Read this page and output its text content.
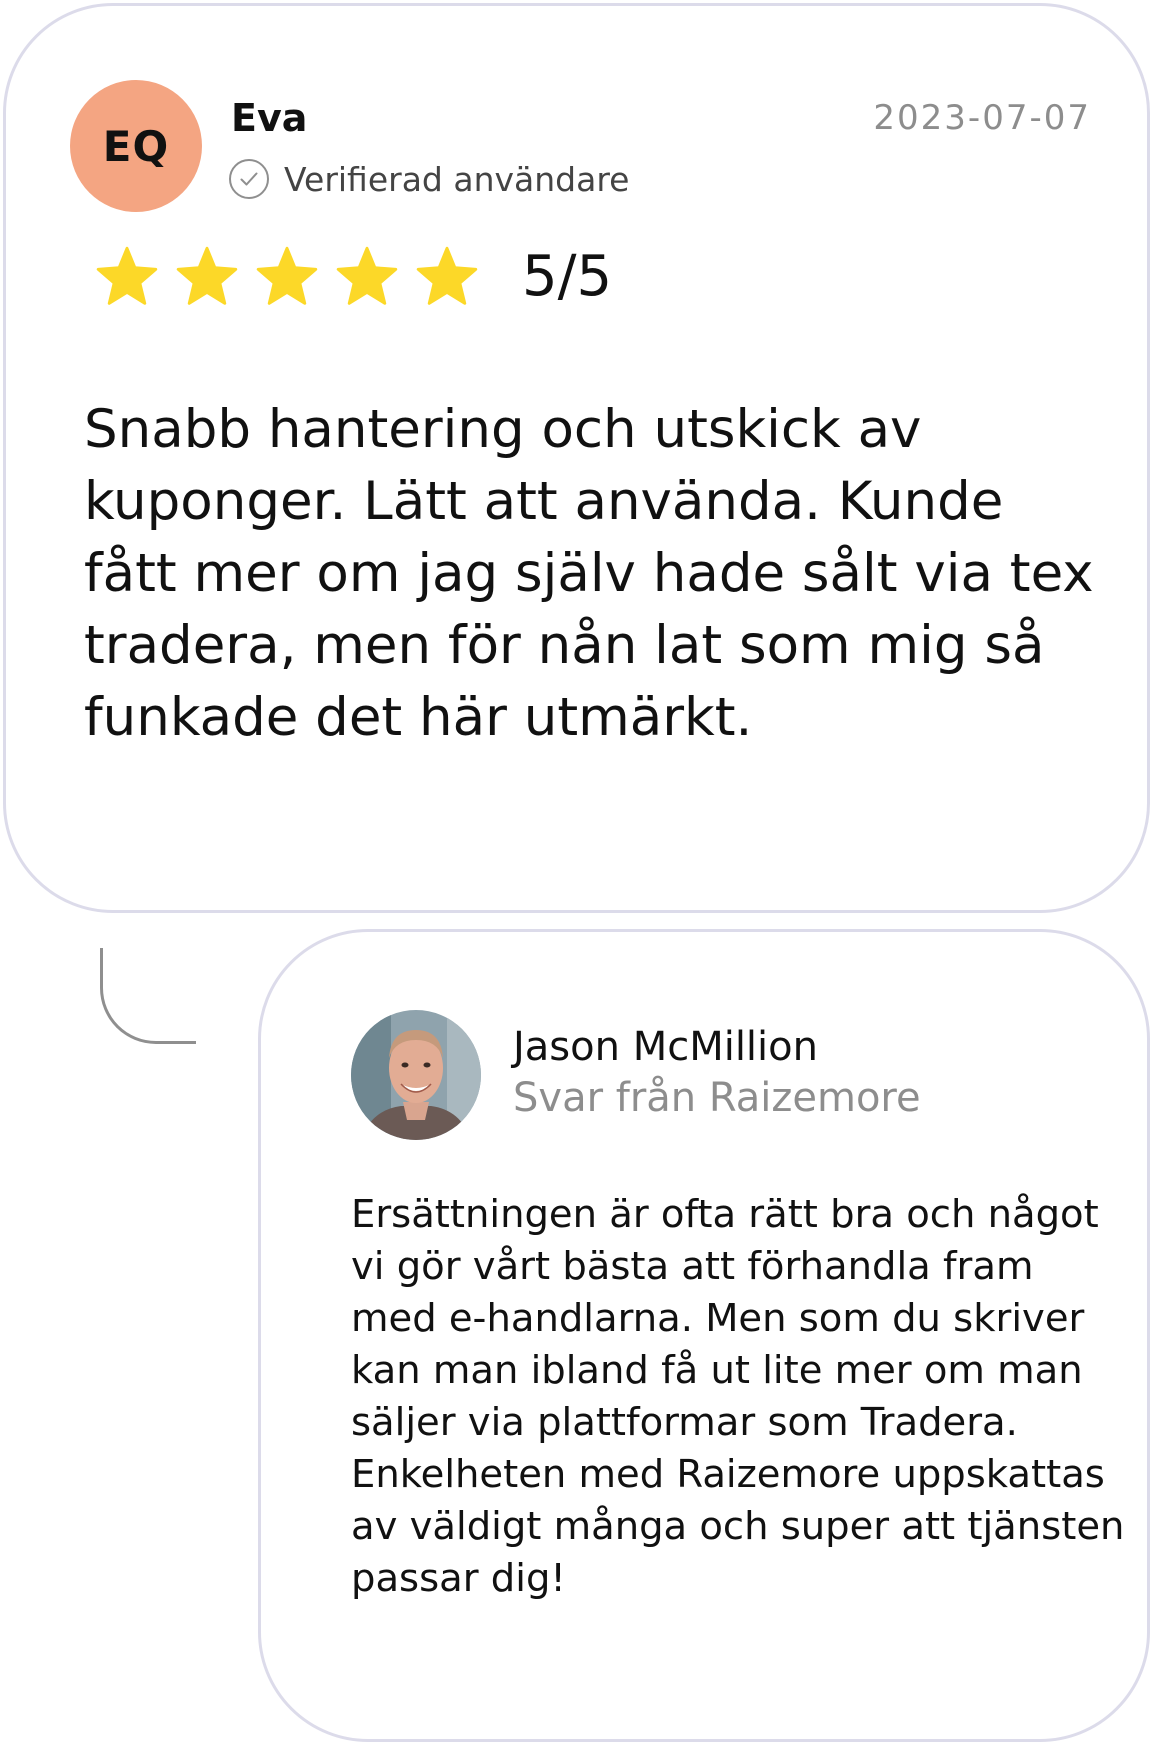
EQ
Eva
Verifierad användare
2023-07-07
5/5

Snabb hantering och utskick av kuponger. Lätt att använda. Kunde fått mer om jag själv hade sålt via tex tradera, men för nån lat som mig så funkade det här utmärkt.

Jason McMillion
Svar från Raizemore

Ersättningen är ofta rätt bra och något vi gör vårt bästa att förhandla fram med e-handlarna. Men som du skriver kan man ibland få ut lite mer om man säljer via plattformar som Tradera. Enkelheten med Raizemore uppskattas av väldigt många och super att tjänsten passar dig!
